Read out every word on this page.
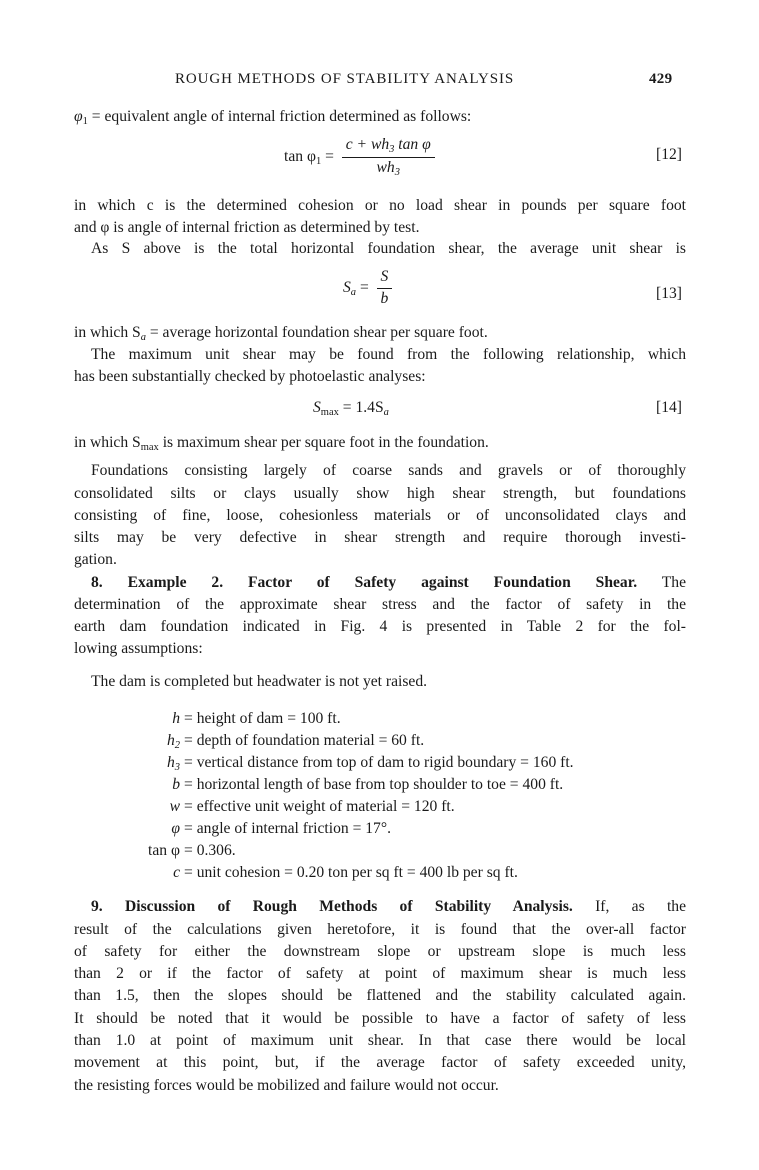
ROUGH METHODS OF STABILITY ANALYSIS	429
$\varphi_1$ = equivalent angle of internal friction determined as follows:
$\tan \varphi_1 = \frac{c + wh_3 \tan \varphi}{wh_3}$	[12]
in which c is the determined cohesion or no load shear in pounds per square foot
and φ is angle of internal friction as determined by test.
As S above is the total horizontal foundation shear, the average unit shear is
$S_a = \frac{S}{b}$	[13]
in which $S_a$ = average horizontal foundation shear per square foot.
The maximum unit shear may be found from the following relationship, which
has been substantially checked by photoelastic analyses:
$S_{max} = 1.4S_a$	[14]
in which $S_{max}$ is maximum shear per square foot in the foundation.
Foundations consisting largely of coarse sands and gravels or of thoroughly
consolidated silts or clays usually show high shear strength, but foundations
consisting of fine, loose, cohesionless materials or of unconsolidated clays and
silts may be very defective in shear strength and require thorough investi-
gation.
8. Example 2. Factor of Safety against Foundation Shear. The
determination of the approximate shear stress and the factor of safety in the
earth dam foundation indicated in Fig. 4 is presented in Table 2 for the fol-
lowing assumptions:
The dam is completed but headwater is not yet raised.
h = height of dam = 100 ft.
$h_2$ = depth of foundation material = 60 ft.
$h_3$ = vertical distance from top of dam to rigid boundary = 160 ft.
b = horizontal length of base from top shoulder to toe = 400 ft.
w = effective unit weight of material = 120 ft.
φ = angle of internal friction = 17°.
tan φ = 0.306.
c = unit cohesion = 0.20 ton per sq ft = 400 lb per sq ft.
9. Discussion of Rough Methods of Stability Analysis. If, as the
result of the calculations given heretofore, it is found that the over-all factor
of safety for either the downstream slope or upstream slope is much less
than 2 or if the factor of safety at point of maximum shear is much less
than 1.5, then the slopes should be flattened and the stability calculated again.
It should be noted that it would be possible to have a factor of safety of less
than 1.0 at point of maximum unit shear. In that case there would be local
movement at this point, but, if the average factor of safety exceeded unity,
the resisting forces would be mobilized and failure would not occur.
